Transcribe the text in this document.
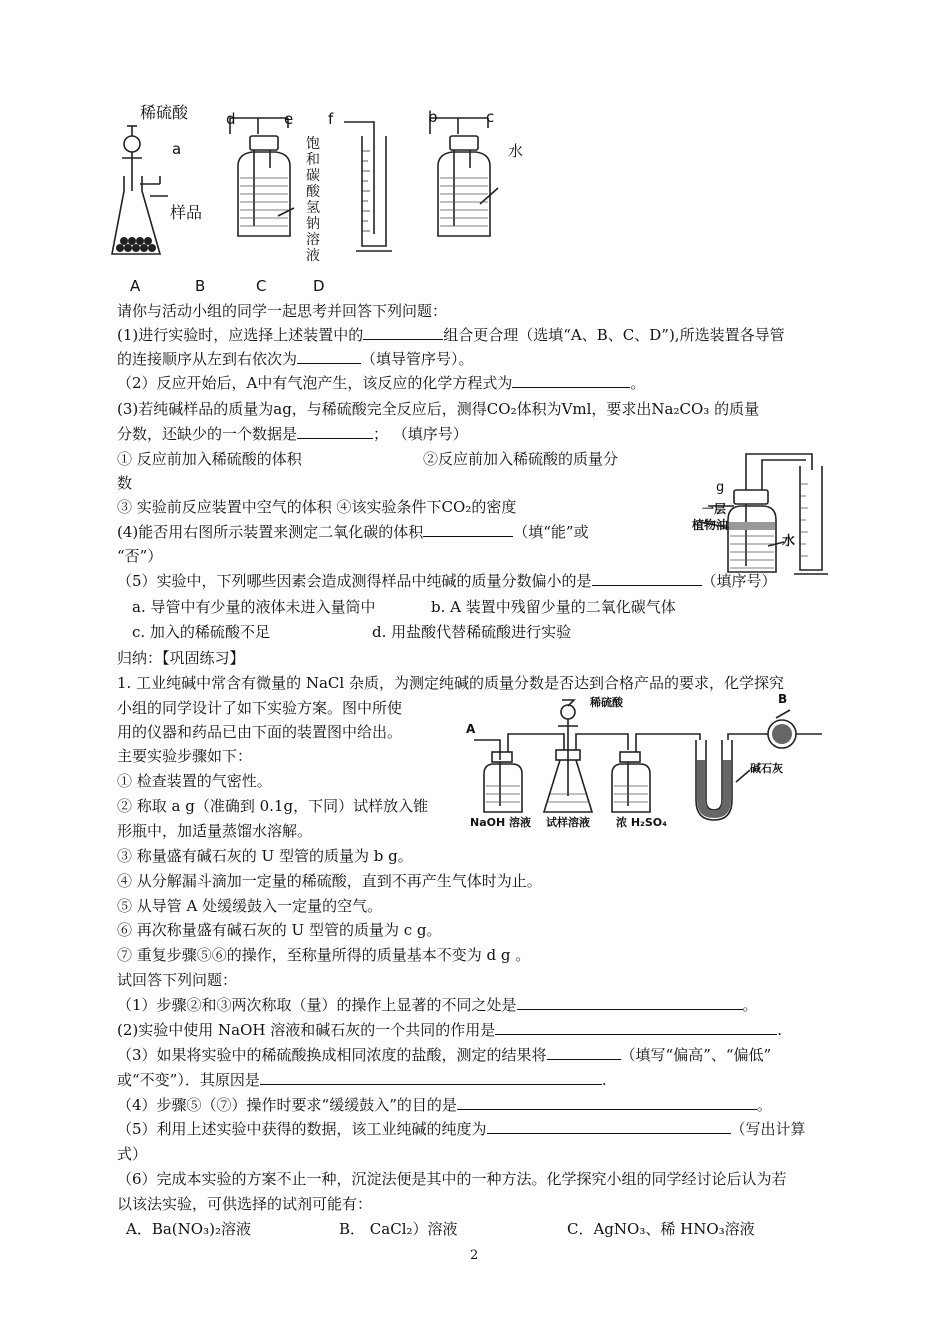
稀硫酸
a
样品
d	e f	b	c
饱和碳酸氢钠溶液
水
A	B	C	D
请你与活动小组的同学一起思考并回答下列问题：
(1)进行实验时，应选择上述装置中的	组合更合理（选填“A、B、C、D”),所选装置各导管
的连接顺序从左到右依次为	（填导管序号）。
（2）反应开始后，A中有气泡产生，该反应的化学方程式为	。
(3)若纯碱样品的质量为ag，与稀硫酸完全反应后，测得CO₂体积为Vml，要求出Na₂CO₃ 的质量
分数，还缺少的一个数据是	； （填序号）
① 反应前加入稀硫酸的体积	②反应前加入稀硫酸的质量分
数
③ 实验前反应装置中空气的体积 ④该实验条件下CO₂的密度
(4)能否用右图所示装置来测定二氧化碳的体积	（填“能”或
“否”）
g
一层
植物油
水
（5）实验中，下列哪些因素会造成测得样品中纯碱的质量分数偏小的是	（填序号）
a. 导管中有少量的液体未进入量筒中	b. A 装置中残留少量的二氧化碳气体
c. 加入的稀硫酸不足	d. 用盐酸代替稀硫酸进行实验
归纳：【巩固练习】
1. 工业纯碱中常含有微量的 NaCl 杂质，为测定纯碱的质量分数是否达到合格产品的要求，化学探究
小组的同学设计了如下实验方案。图中所使
用的仪器和药品已由下面的装置图中给出。
主要实验步骤如下：
① 检查装置的气密性。
② 称取 a g（准确到 0.1g，下同）试样放入锥
形瓶中，加适量蒸馏水溶解。
稀硫酸
A
B
碱石灰
NaOH 溶液 试样溶液 浓 H₂SO₄
③ 称量盛有碱石灰的 U 型管的质量为 b g。
④ 从分解漏斗滴加一定量的稀硫酸，直到不再产生气体时为止。
⑤ 从导管 A 处缓缓鼓入一定量的空气。
⑥ 再次称量盛有碱石灰的 U 型管的质量为 c g。
⑦ 重复步骤⑤⑥的操作，至称量所得的质量基本不变为 d g 。
试回答下列问题：
（1）步骤②和③两次称取（量）的操作上显著的不同之处是	。
(2)实验中使用 NaOH 溶液和碱石灰的一个共同的作用是	.
（3）如果将实验中的稀硫酸换成相同浓度的盐酸，测定的结果将	（填写“偏高”、“偏低”
或“不变”）．其原因是	.
（4）步骤⑤（⑦）操作时要求“缓缓鼓入”的目的是	。
（5）利用上述实验中获得的数据，该工业纯碱的纯度为	（写出计算
式）
（6）完成本实验的方案不止一种，沉淀法便是其中的一种方法。化学探究小组的同学经讨论后认为若
以该法实验，可供选择的试剂可能有：
A．Ba(NO₃)₂溶液	B． CaCl₂）溶液	C．AgNO₃、稀 HNO₃溶液
2
